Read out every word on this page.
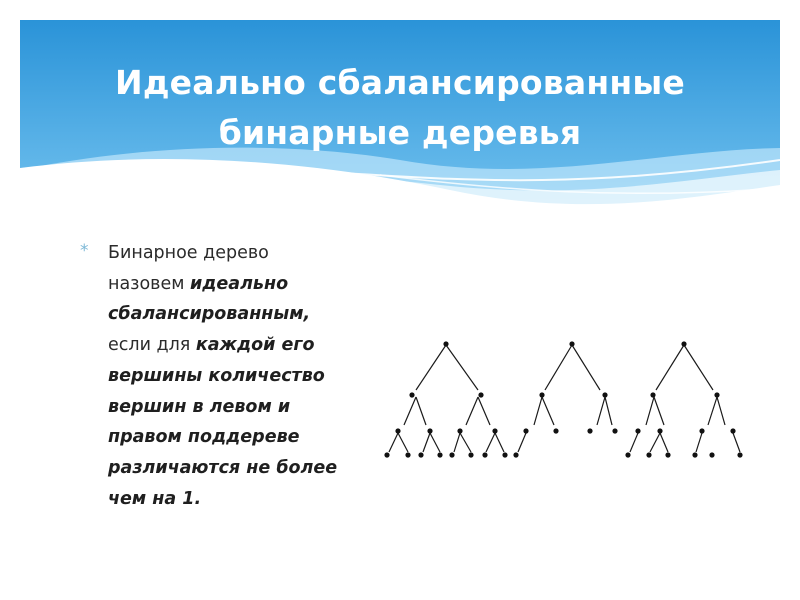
Идеально сбалансированные
бинарные деревья
* Бинарное дерево назовем идеально сбалансированным, если для каждой его вершины количество вершин в левом и правом поддереве различаются не более чем на 1.
